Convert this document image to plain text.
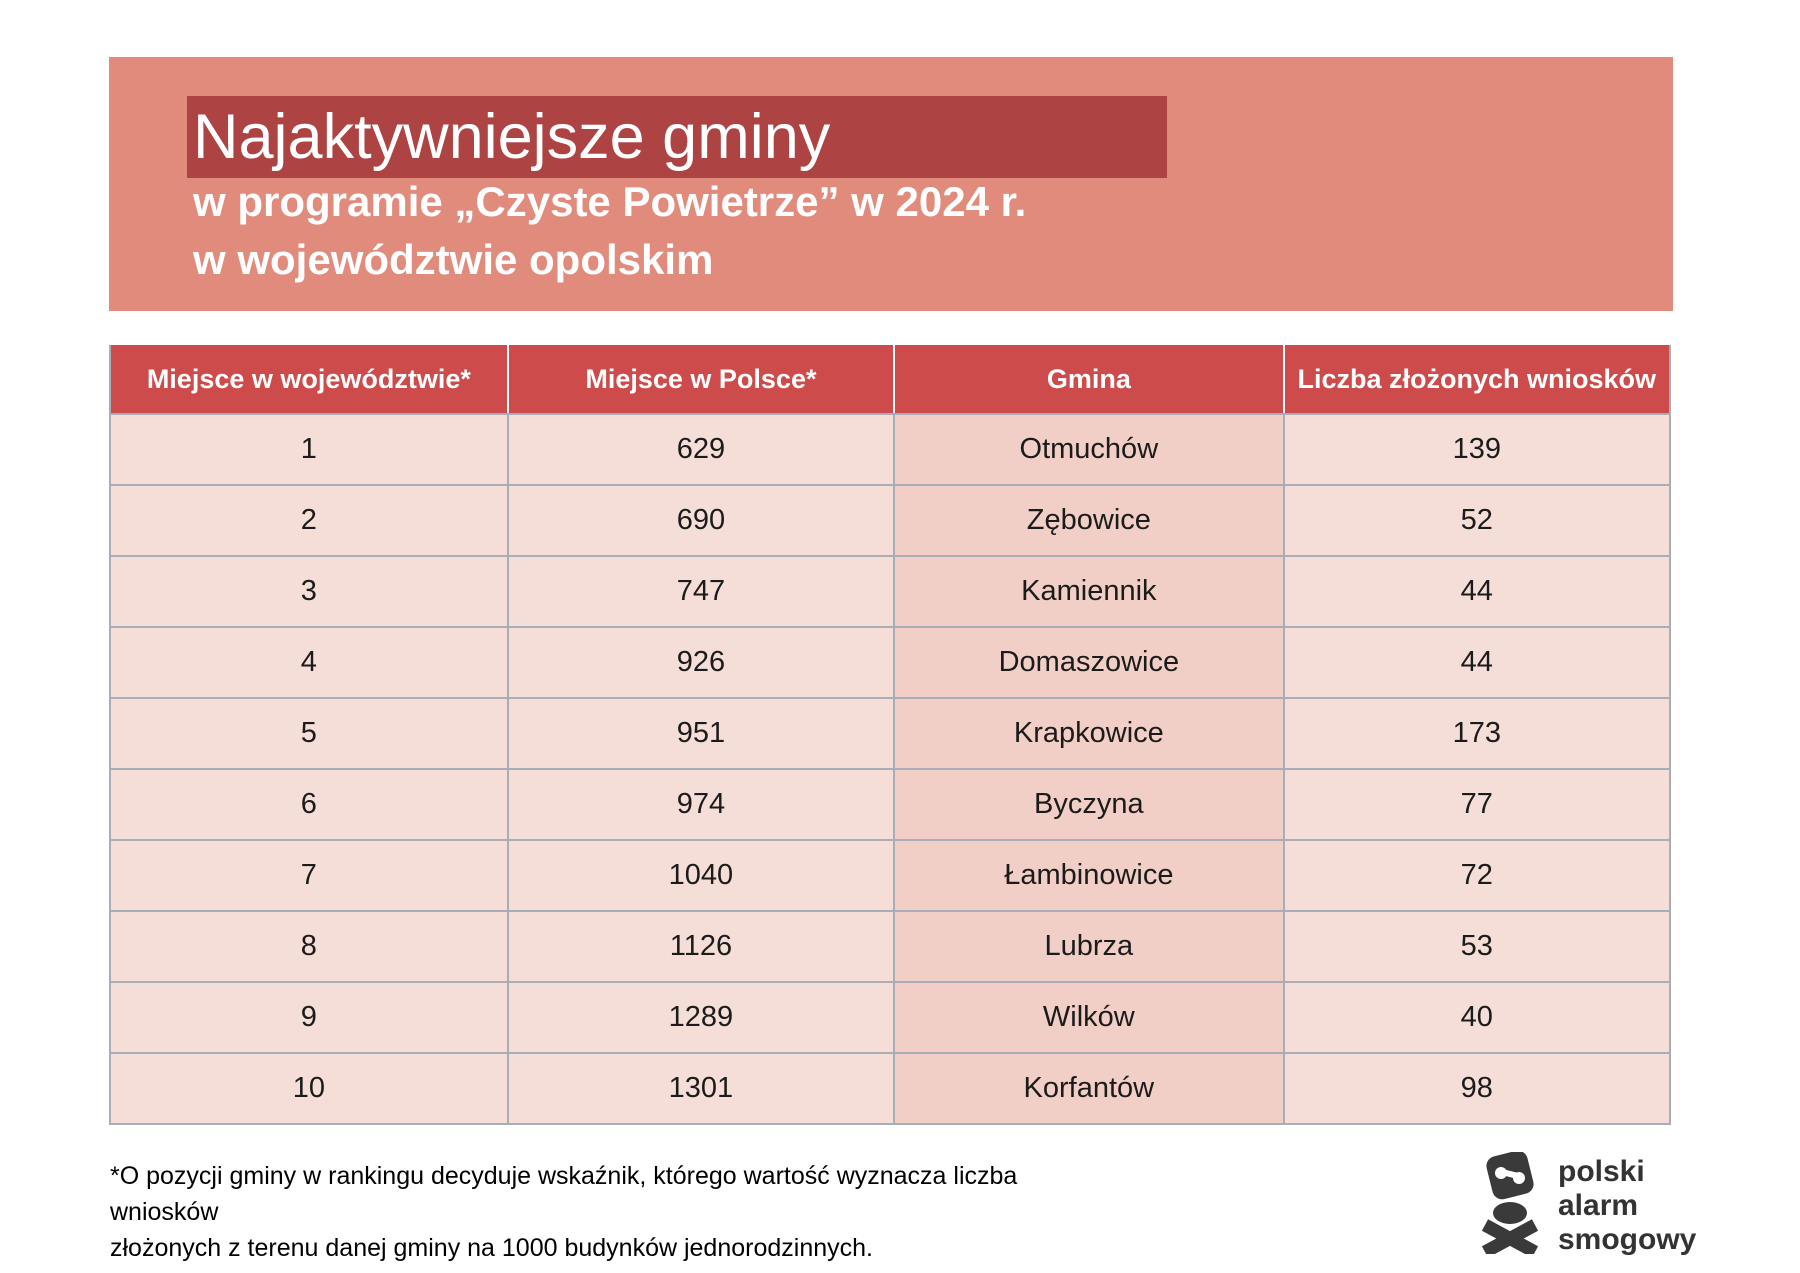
Najaktywniejsze gminy
w programie „Czyste Powietrze” w 2024 r.
w województwie opolskim
Miejsce w województwie*	Miejsce w Polsce*	Gmina	Liczba złożonych wniosków
1	629	Otmuchów	139
2	690	Zębowice	52
3	747	Kamiennik	44
4	926	Domaszowice	44
5	951	Krapkowice	173
6	974	Byczyna	77
7	1040	Łambinowice	72
8	1126	Lubrza	53
9	1289	Wilków	40
10	1301	Korfantów	98
*O pozycji gminy w rankingu decyduje wskaźnik, którego wartość wyznacza liczba wniosków
złożonych z terenu danej gminy na 1000 budynków jednorodzinnych.
polski
alarm
smogowy
